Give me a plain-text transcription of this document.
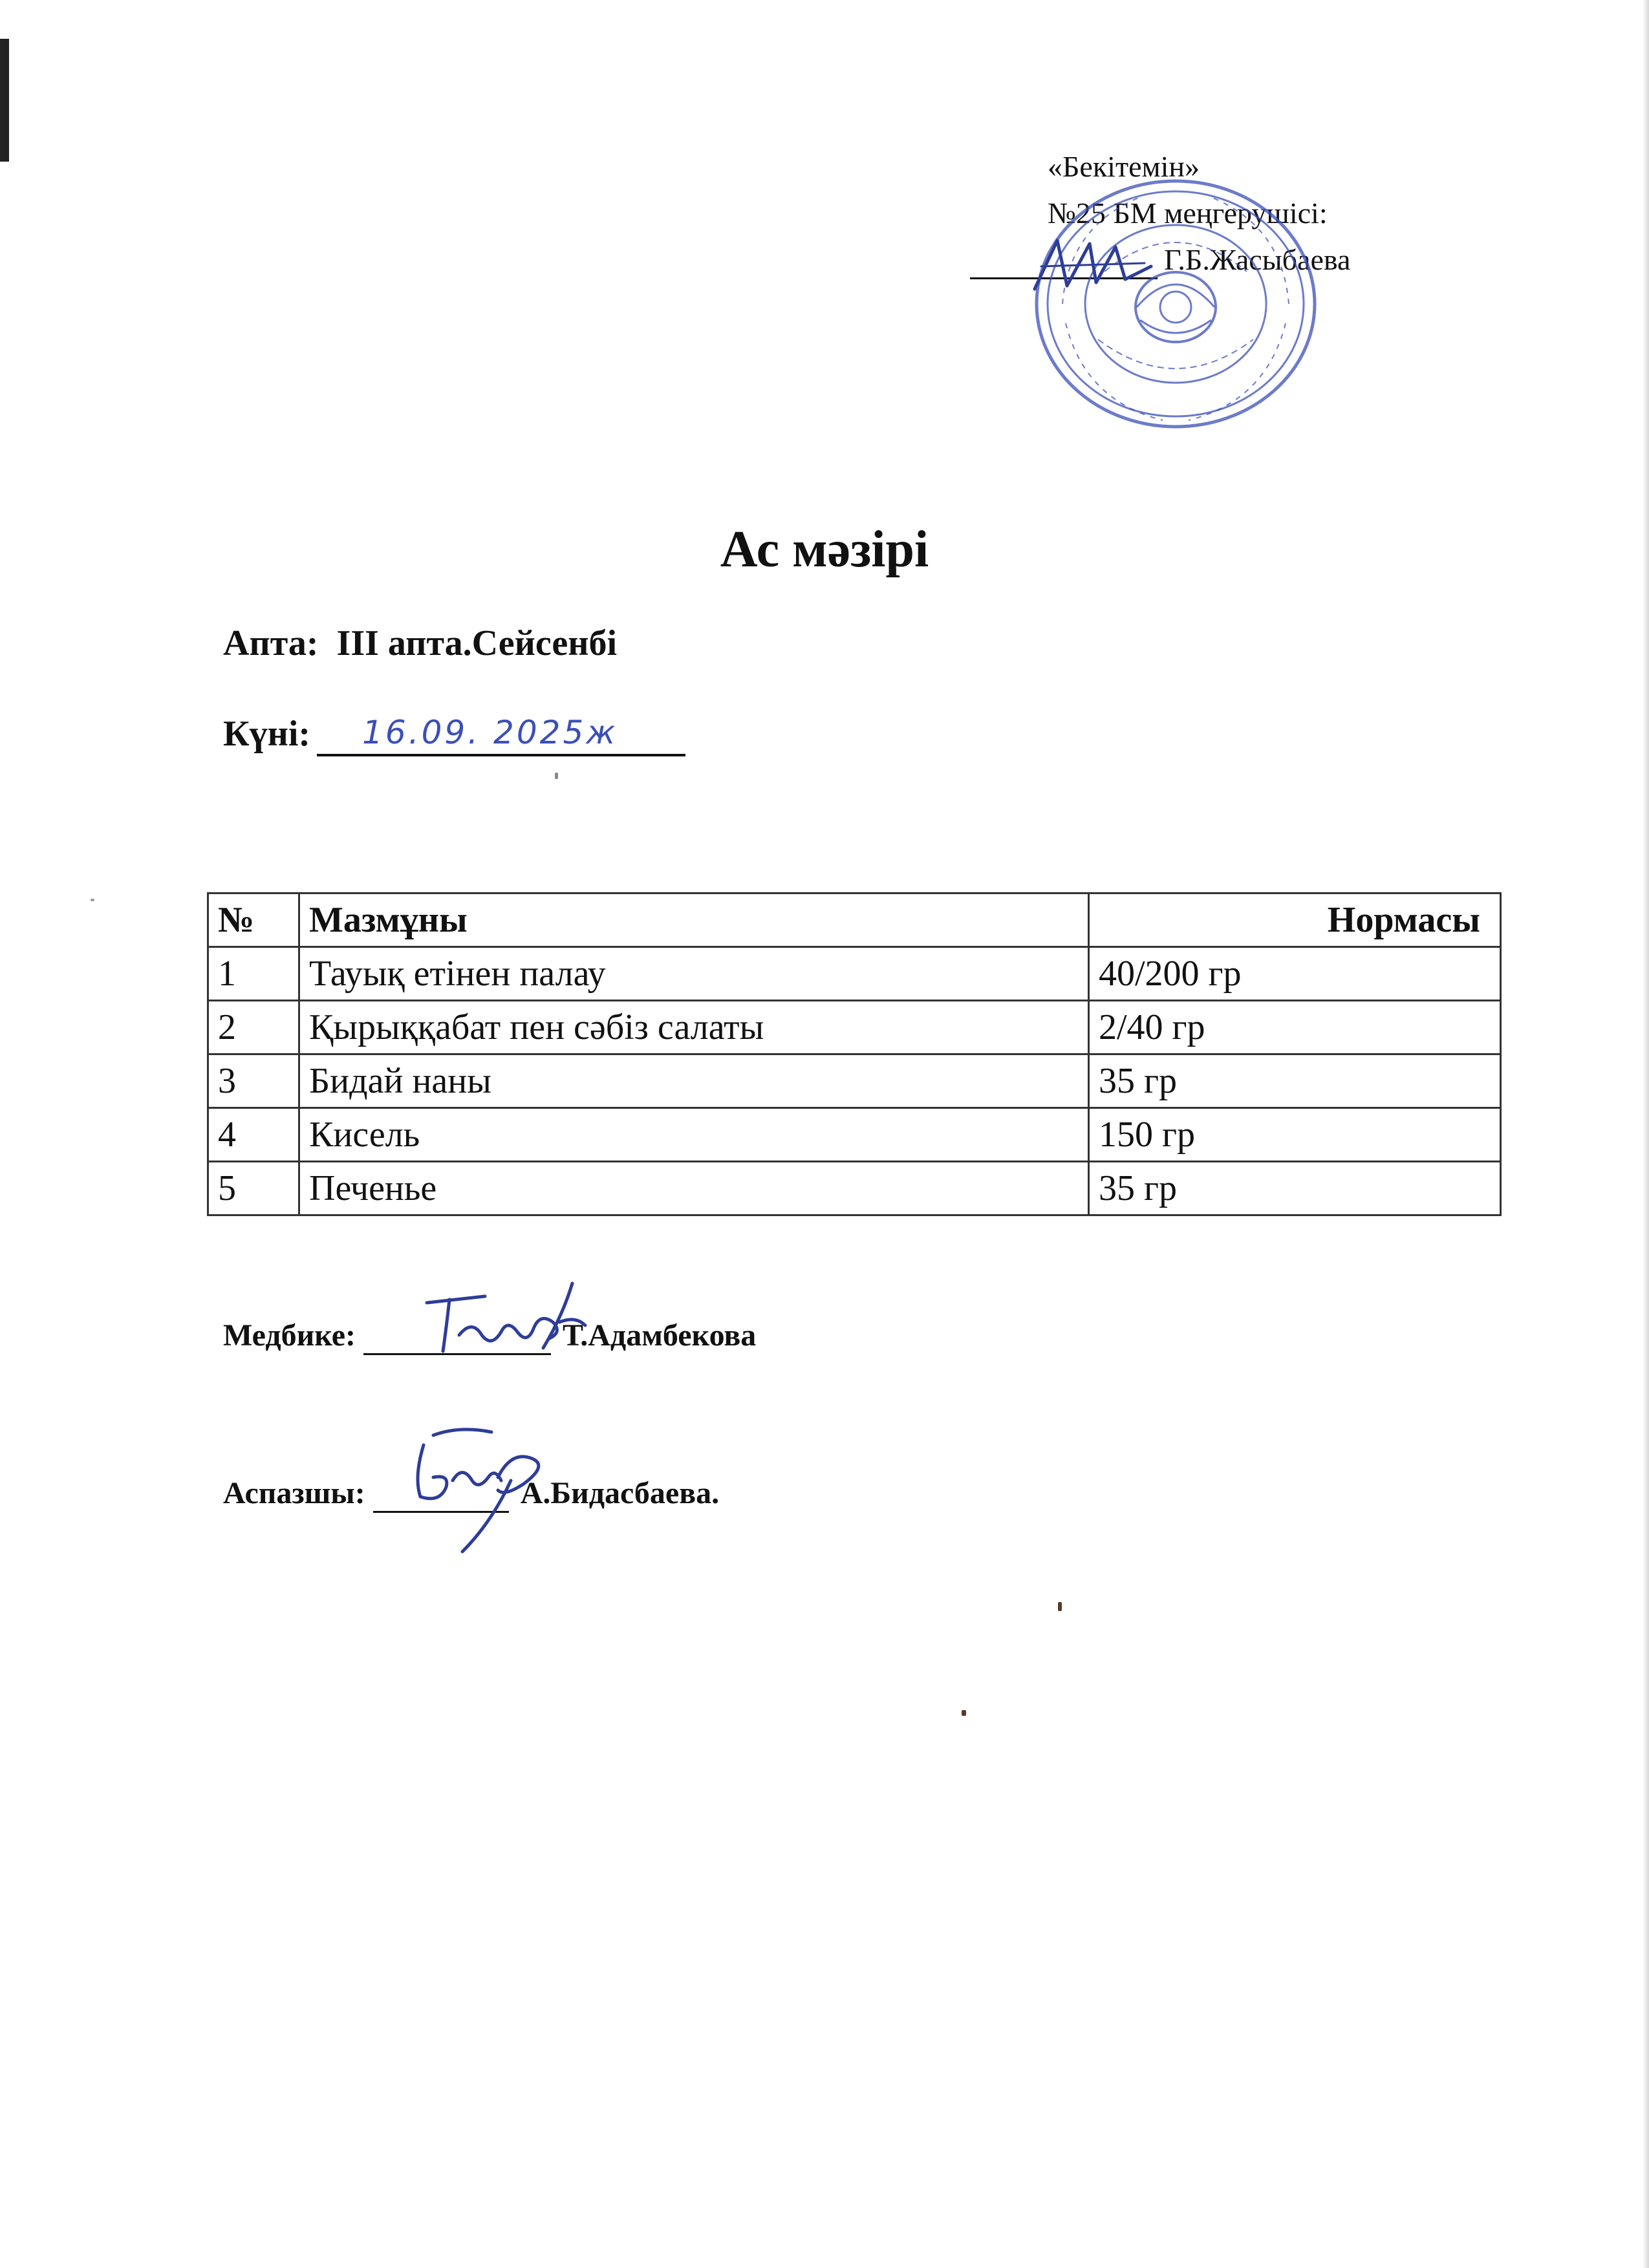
«Бекітемін»
№25 БМ меңгерушісі:
Г.Б.Жасыбаева
Ас мәзірі
Апта: ІІІ апта.Сейсенбі
Күні: 16.09. 2025ж
№	Мазмұны	Нормасы
1	Тауық етінен палау	40/200 гр
2	Қырыққабат пен сәбіз салаты	2/40 гр
3	Бидай наны	35 гр
4	Кисель	150 гр
5	Печенье	35 гр
Медбике:	Т.Адамбекова
Аспазшы:	А.Бидасбаева.
